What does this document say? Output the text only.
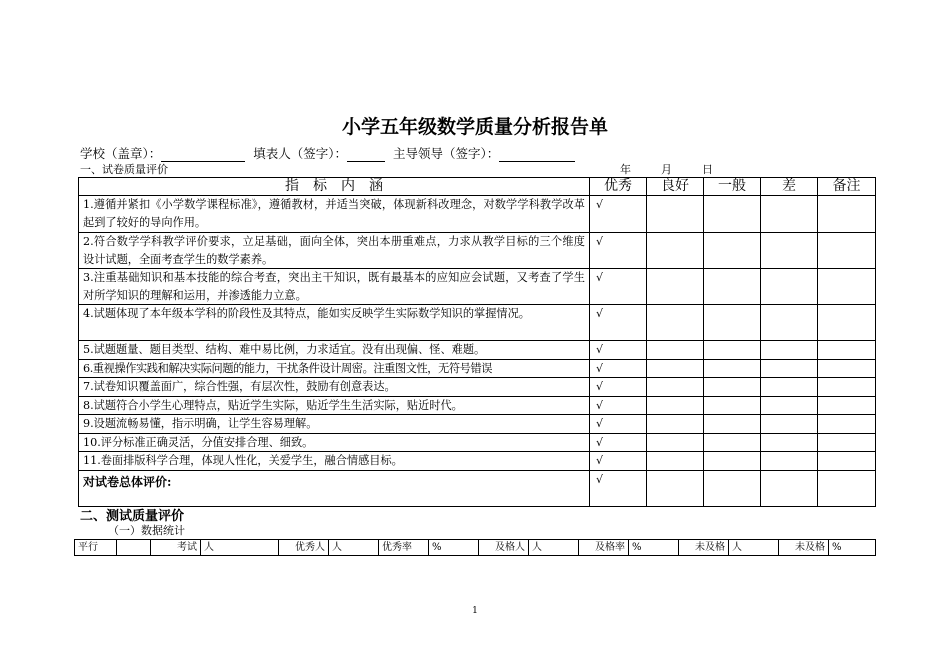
小学五年级数学质量分析报告单
学校（盖章）：	填表人（签字）：	主导领导（签字）：
一、试卷质量评价	年	月	日
指　标　内　涵	优秀	良好	一般	差	备注
1.遵循并紧扣《小学数学课程标准》，遵循教材，并适当突破，体现新科改理念，对数学学科教学改革起到了较好的导向作用。	√				
2.符合数学学科教学评价要求，立足基础，面向全体，突出本册重难点，力求从教学目标的三个维度设计试题，全面考查学生的数学素养。	√				
3.注重基础知识和基本技能的综合考查，突出主干知识，既有最基本的应知应会试题，又考查了学生对所学知识的理解和运用，并渗透能力立意。	√				
4.试题体现了本年级本学科的阶段性及其特点，能如实反映学生实际数学知识的掌握情况。	√				
5.试题题量、题目类型、结构、难中易比例，力求适宜。没有出现偏、怪、难题。	√				
6.重视操作实践和解决实际问题的能力，干扰条件设计周密。注重图文性，无符号错误	√				
7.试卷知识覆盖面广，综合性强，有层次性，鼓励有创意表达。	√				
8.试题符合小学生心理特点，贴近学生实际，贴近学生生活实际，贴近时代。	√				
9.设题流畅易懂，指示明确，让学生容易理解。	√				
10.评分标准正确灵活，分值安排合理、细致。	√				
11.卷面排版科学合理，体现人性化，关爱学生，融合情感目标。	√				
对试卷总体评价:	√				
二、测试质量评价
（一）数据统计
平行		考试	人	优秀人	人	优秀率	%	及格人	人	及格率	%	未及格	人	未及格	%
1
